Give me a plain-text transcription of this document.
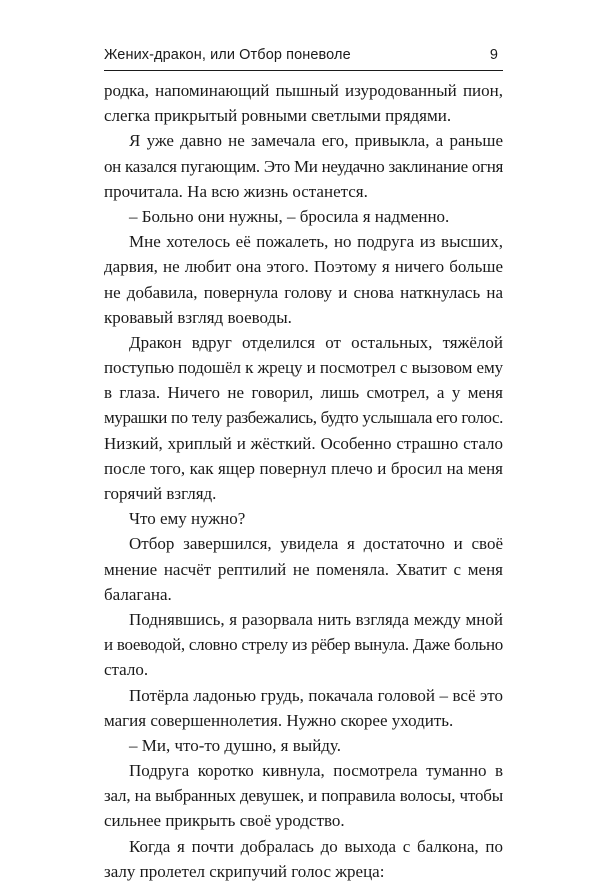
Жених-дракон, или Отбор поневоле	9
родка, напоминающий пышный изуродованный пион,
слегка прикрытый ровными светлыми прядями.
Я уже давно не замечала его, привыкла, а раньше
он казался пугающим. Это Ми неудачно заклинание огня
прочитала. На всю жизнь останется.
– Больно они нужны, – бросила я надменно.
Мне хотелось её пожалеть, но подруга из высших,
дарвия, не любит она этого. Поэтому я ничего больше
не добавила, повернула голову и снова наткнулась на
кровавый взгляд воеводы.
Дракон вдруг отделился от остальных, тяжёлой
поступью подошёл к жрецу и посмотрел с вызовом ему
в глаза. Ничего не говорил, лишь смотрел, а у меня
мурашки по телу разбежались, будто услышала его голос.
Низкий, хриплый и жёсткий. Особенно страшно стало
после того, как ящер повернул плечо и бросил на меня
горячий взгляд.
Что ему нужно?
Отбор завершился, увидела я достаточно и своё
мнение насчёт рептилий не поменяла. Хватит с меня
балагана.
Поднявшись, я разорвала нить взгляда между мной
и воеводой, словно стрелу из рёбер вынула. Даже больно
стало.
Потёрла ладонью грудь, покачала головой – всё это
магия совершеннолетия. Нужно скорее уходить.
– Ми, что-то душно, я выйду.
Подруга коротко кивнула, посмотрела туманно в
зал, на выбранных девушек, и поправила волосы, чтобы
сильнее прикрыть своё уродство.
Когда я почти добралась до выхода с балкона, по
залу пролетел скрипучий голос жреца:
